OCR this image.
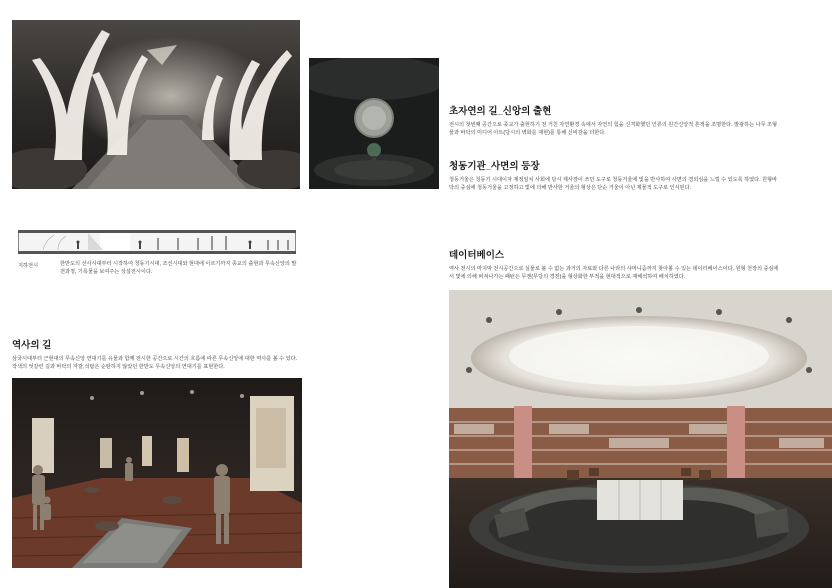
초자연의 길_신앙의 출현

전시의 첫번째 공간으로 종교가 출현하기 전 거친 자연환경 속에서 자연의 힘을 신격화했던 인류의 원간신앙적 흔적을 조명한다. 발광하는 나무 조형물과 바닥의 미디어 아트(당시의 벽화를 재현)를 통해 신비감을 더한다.

청동기관_사면의 등장

청동거울은 청동기 시대이자 제정일치 사회에 당시 제사장이 쓰던 도구로 청동거울에 빛을 반사하여 사면의 경외심을 느낄 수 있도록 하였다. 원형바닥의 중심에 청동거울을 고정하고 빛에 의해 반사한 거울의 형상은 단순 거울이 아닌 제물적 도구로 인식된다.

지하전시	한반도의 선사시대부터 시작하여 청동기시대, 조선시대와 현대에 이르기까지 종교의 출현과 무속신앙의 발전과정, 기록물을 보여주는 상설전시이다.

데이터베이스

역사 전시의 마지막 전시공간으로 실물로 볼 수 없는 과거의 자료와 다른 나라의 샤머니즘까지 찾아볼 수 있는 데이터베이스이다. 원형 천장의 중심에서 빛에 의해 퍼져나가는 패턴은 무겐(무당의 경전)을 형상화한 부적을 현대적으로 재해석하여 배치하였다.

역사의 길

삼국시대부터 근현대의 무속신앙 연대기를 유물과 함께 전시한 공간으로 시간의 흐름에 따른 무속신앙에 대한 역사를 볼 수 있다. 작색의 엇갈린 길과 바닥의 자갈,석탑은 순탄하지 않았던 한반도 무속신앙의 연대기를 표현한다.
